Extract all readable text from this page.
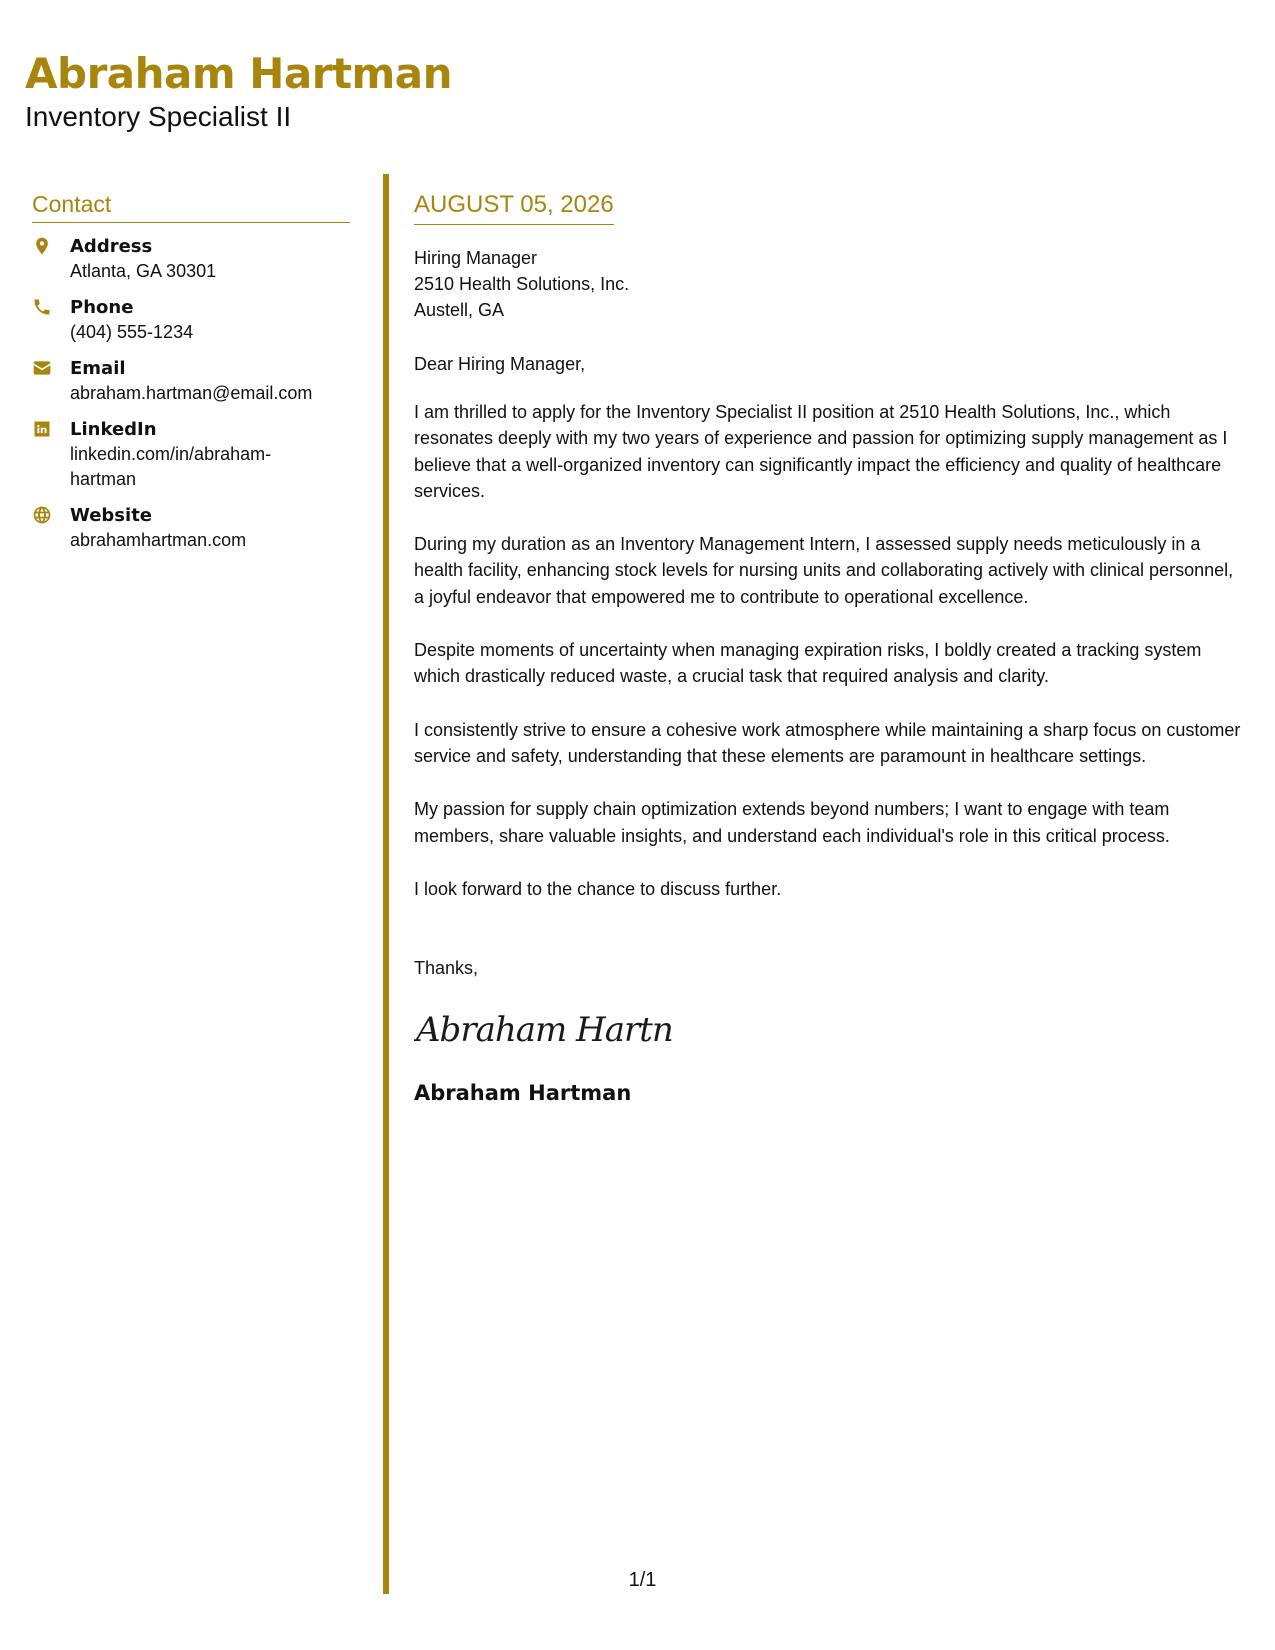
Abraham Hartman
Inventory Specialist II
Contact
Address
Atlanta, GA 30301
Phone
(404) 555-1234
Email
abraham.hartman@email.com
LinkedIn
linkedin.com/in/abraham-hartman
Website
abrahamhartman.com
AUGUST 05, 2026
Hiring Manager
2510 Health Solutions, Inc.
Austell, GA
Dear Hiring Manager,
I am thrilled to apply for the Inventory Specialist II position at 2510 Health Solutions, Inc., which resonates deeply with my two years of experience and passion for optimizing supply management as I believe that a well-organized inventory can significantly impact the efficiency and quality of healthcare services.
During my duration as an Inventory Management Intern, I assessed supply needs meticulously in a health facility, enhancing stock levels for nursing units and collaborating actively with clinical personnel, a joyful endeavor that empowered me to contribute to operational excellence.
Despite moments of uncertainty when managing expiration risks, I boldly created a tracking system which drastically reduced waste, a crucial task that required analysis and clarity.
I consistently strive to ensure a cohesive work atmosphere while maintaining a sharp focus on customer service and safety, understanding that these elements are paramount in healthcare settings.
My passion for supply chain optimization extends beyond numbers; I want to engage with team members, share valuable insights, and understand each individual's role in this critical process.
I look forward to the chance to discuss further.
Thanks,
Abraham Hartn
Abraham Hartman
1/1
